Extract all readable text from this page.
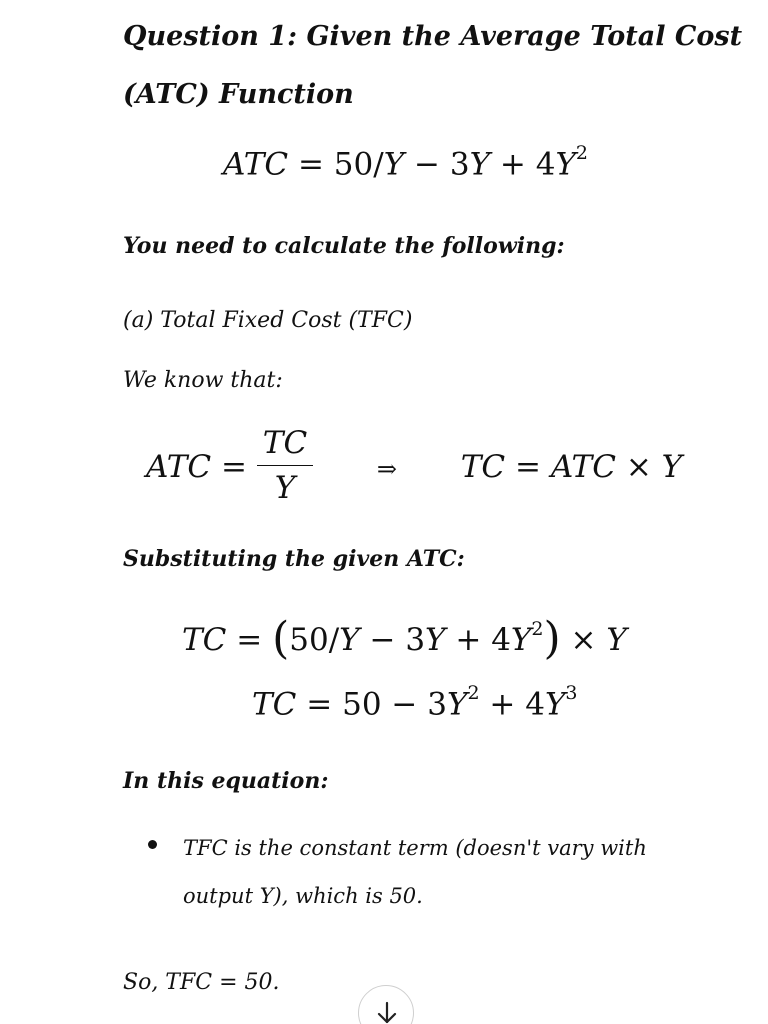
Question 1: Given the Average Total Cost
(ATC) Function
ATC = $50/Y - 3Y + 4Y^2$
You need to calculate the following:
(a) Total Fixed Cost (TFC)
We know that:
ATC = $\frac{TC}{Y}$	⇒ TC = ATC × Y
Substituting the given ATC:
TC = $(50/Y - 3Y + 4Y^2) \times Y$
TC = $50 - 3Y^2 + 4Y^3$
In this equation:
TFC is the constant term (doesn't vary with
output Y), which is 50.
So, TFC = 50.
